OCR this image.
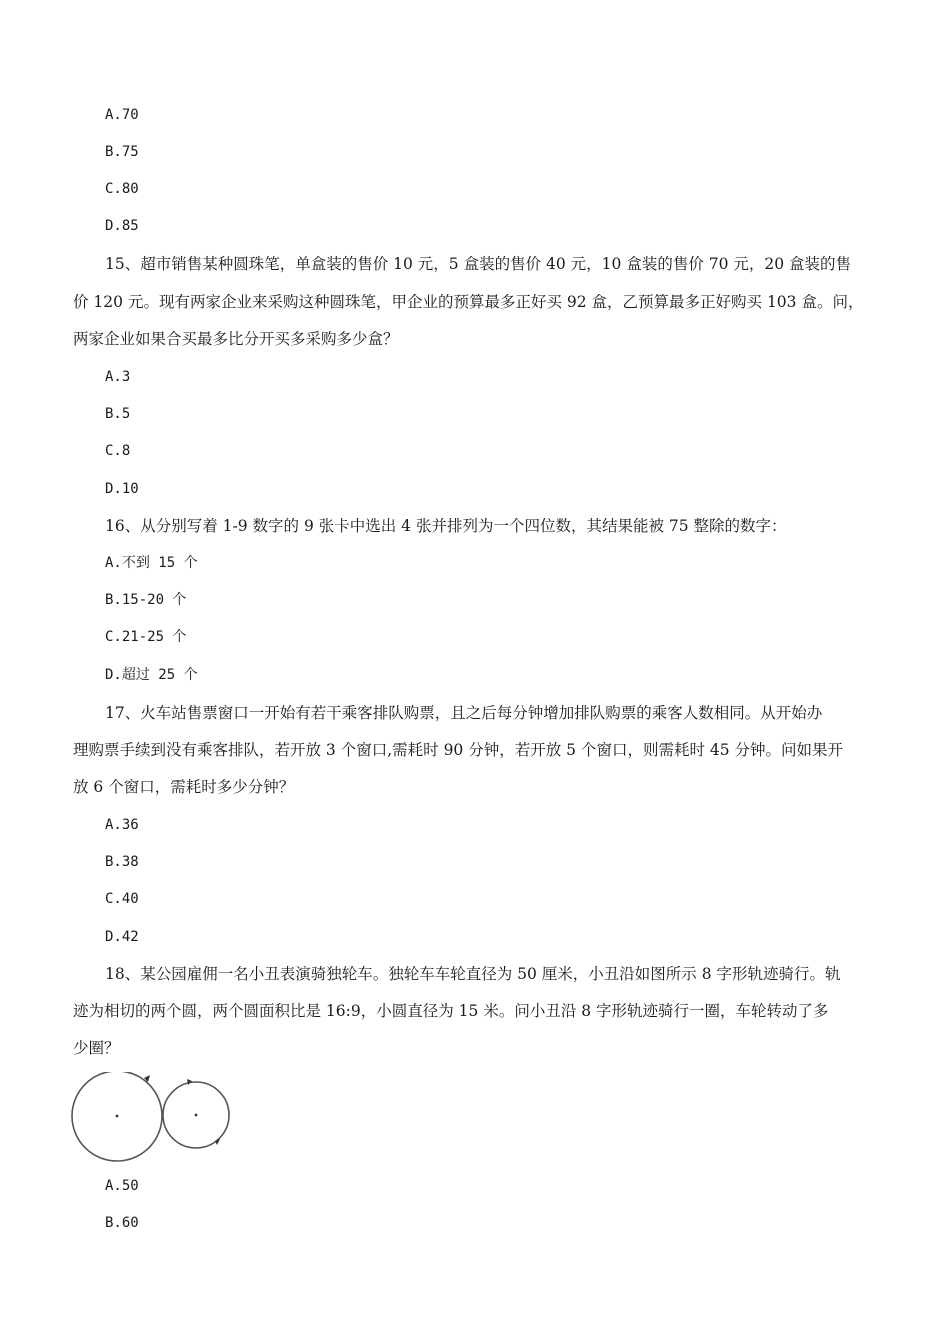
A.70
B.75
C.80
D.85
15、超市销售某种圆珠笔，单盒装的售价 10 元，5 盒装的售价 40 元，10 盒装的售价 70 元，20 盒装的售
价 120 元。现有两家企业来采购这种圆珠笔，甲企业的预算最多正好买 92 盒，乙预算最多正好购买 103 盒。问，
两家企业如果合买最多比分开买多采购多少盒？
A.3
B.5
C.8
D.10
16、从分别写着 1-9 数字的 9 张卡中选出 4 张并排列为一个四位数，其结果能被 75 整除的数字：
A.不到 15 个
B.15-20 个
C.21-25 个
D.超过 25 个
17、火车站售票窗口一开始有若干乘客排队购票，且之后每分钟增加排队购票的乘客人数相同。从开始办
理购票手续到没有乘客排队，若开放 3 个窗口,需耗时 90 分钟，若开放 5 个窗口，则需耗时 45 分钟。问如果开
放 6 个窗口，需耗时多少分钟？
A.36
B.38
C.40
D.42
18、某公园雇佣一名小丑表演骑独轮车。独轮车车轮直径为 50 厘米，小丑沿如图所示 8 字形轨迹骑行。轨
迹为相切的两个圆，两个圆面积比是 16:9，小圆直径为 15 米。问小丑沿 8 字形轨迹骑行一圈，车轮转动了多
少圈？
A.50
B.60
